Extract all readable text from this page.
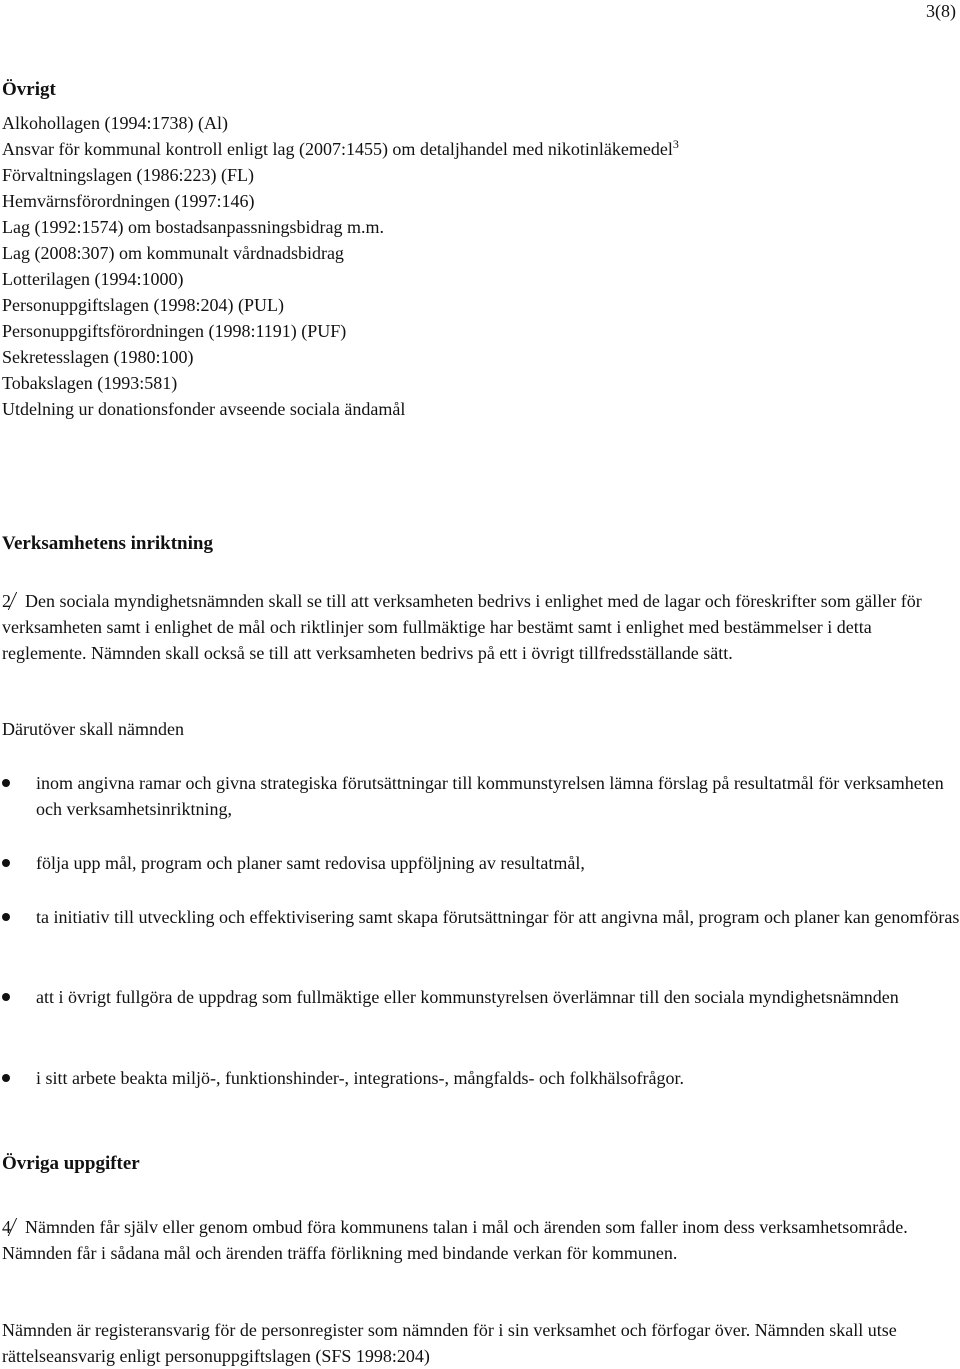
3(8)
Övrigt
Alkohollagen (1994:1738) (Al)
Ansvar för kommunal kontroll enligt lag (2007:1455) om detaljhandel med nikotinläkemedel$^3$
Förvaltningslagen (1986:223) (FL)
Hemvärnsförordningen (1997:146)
Lag (1992:1574) om bostadsanpassningsbidrag m.m.
Lag (2008:307) om kommunalt vårdnadsbidrag
Lotterilagen (1994:1000)
Personuppgiftslagen (1998:204) (PUL)
Personuppgiftsförordningen (1998:1191) (PUF)
Sekretesslagen (1980:100)
Tobakslagen (1993:581)
Utdelning ur donationsfonder avseende sociala ändamål
Verksamhetens inriktning
2 Den sociala myndighetsnämnden skall se till att verksamheten bedrivs i enlighet med de lagar och föreskrifter som gäller för verksamheten samt i enlighet de mål och riktlinjer som fullmäktige har bestämt samt i enlighet med bestämmelser i detta reglemente. Nämnden skall också se till att verksamheten bedrivs på ett i övrigt tillfredsställande sätt.
Därutöver skall nämnden
inom angivna ramar och givna strategiska förutsättningar till kommunstyrelsen lämna förslag på resultatmål för verksamheten och verksamhetsinriktning,
följa upp mål, program och planer samt redovisa uppföljning av resultatmål,
ta initiativ till utveckling och effektivisering samt skapa förutsättningar för att angivna mål, program och planer kan genomföras
att i övrigt fullgöra de uppdrag som fullmäktige eller kommunstyrelsen överlämnar till den sociala myndighetsnämnden
i sitt arbete beakta miljö-, funktionshinder-, integrations-, mångfalds- och folkhälsofrågor.
Övriga uppgifter
4 Nämnden får själv eller genom ombud föra kommunens talan i mål och ärenden som faller inom dess verksamhetsområde. Nämnden får i sådana mål och ärenden träffa förlikning med bindande verkan för kommunen.
Nämnden är registeransvarig för de personregister som nämnden för i sin verksamhet och förfogar över. Nämnden skall utse rättelseansvarig enligt personuppgiftslagen (SFS 1998:204)
